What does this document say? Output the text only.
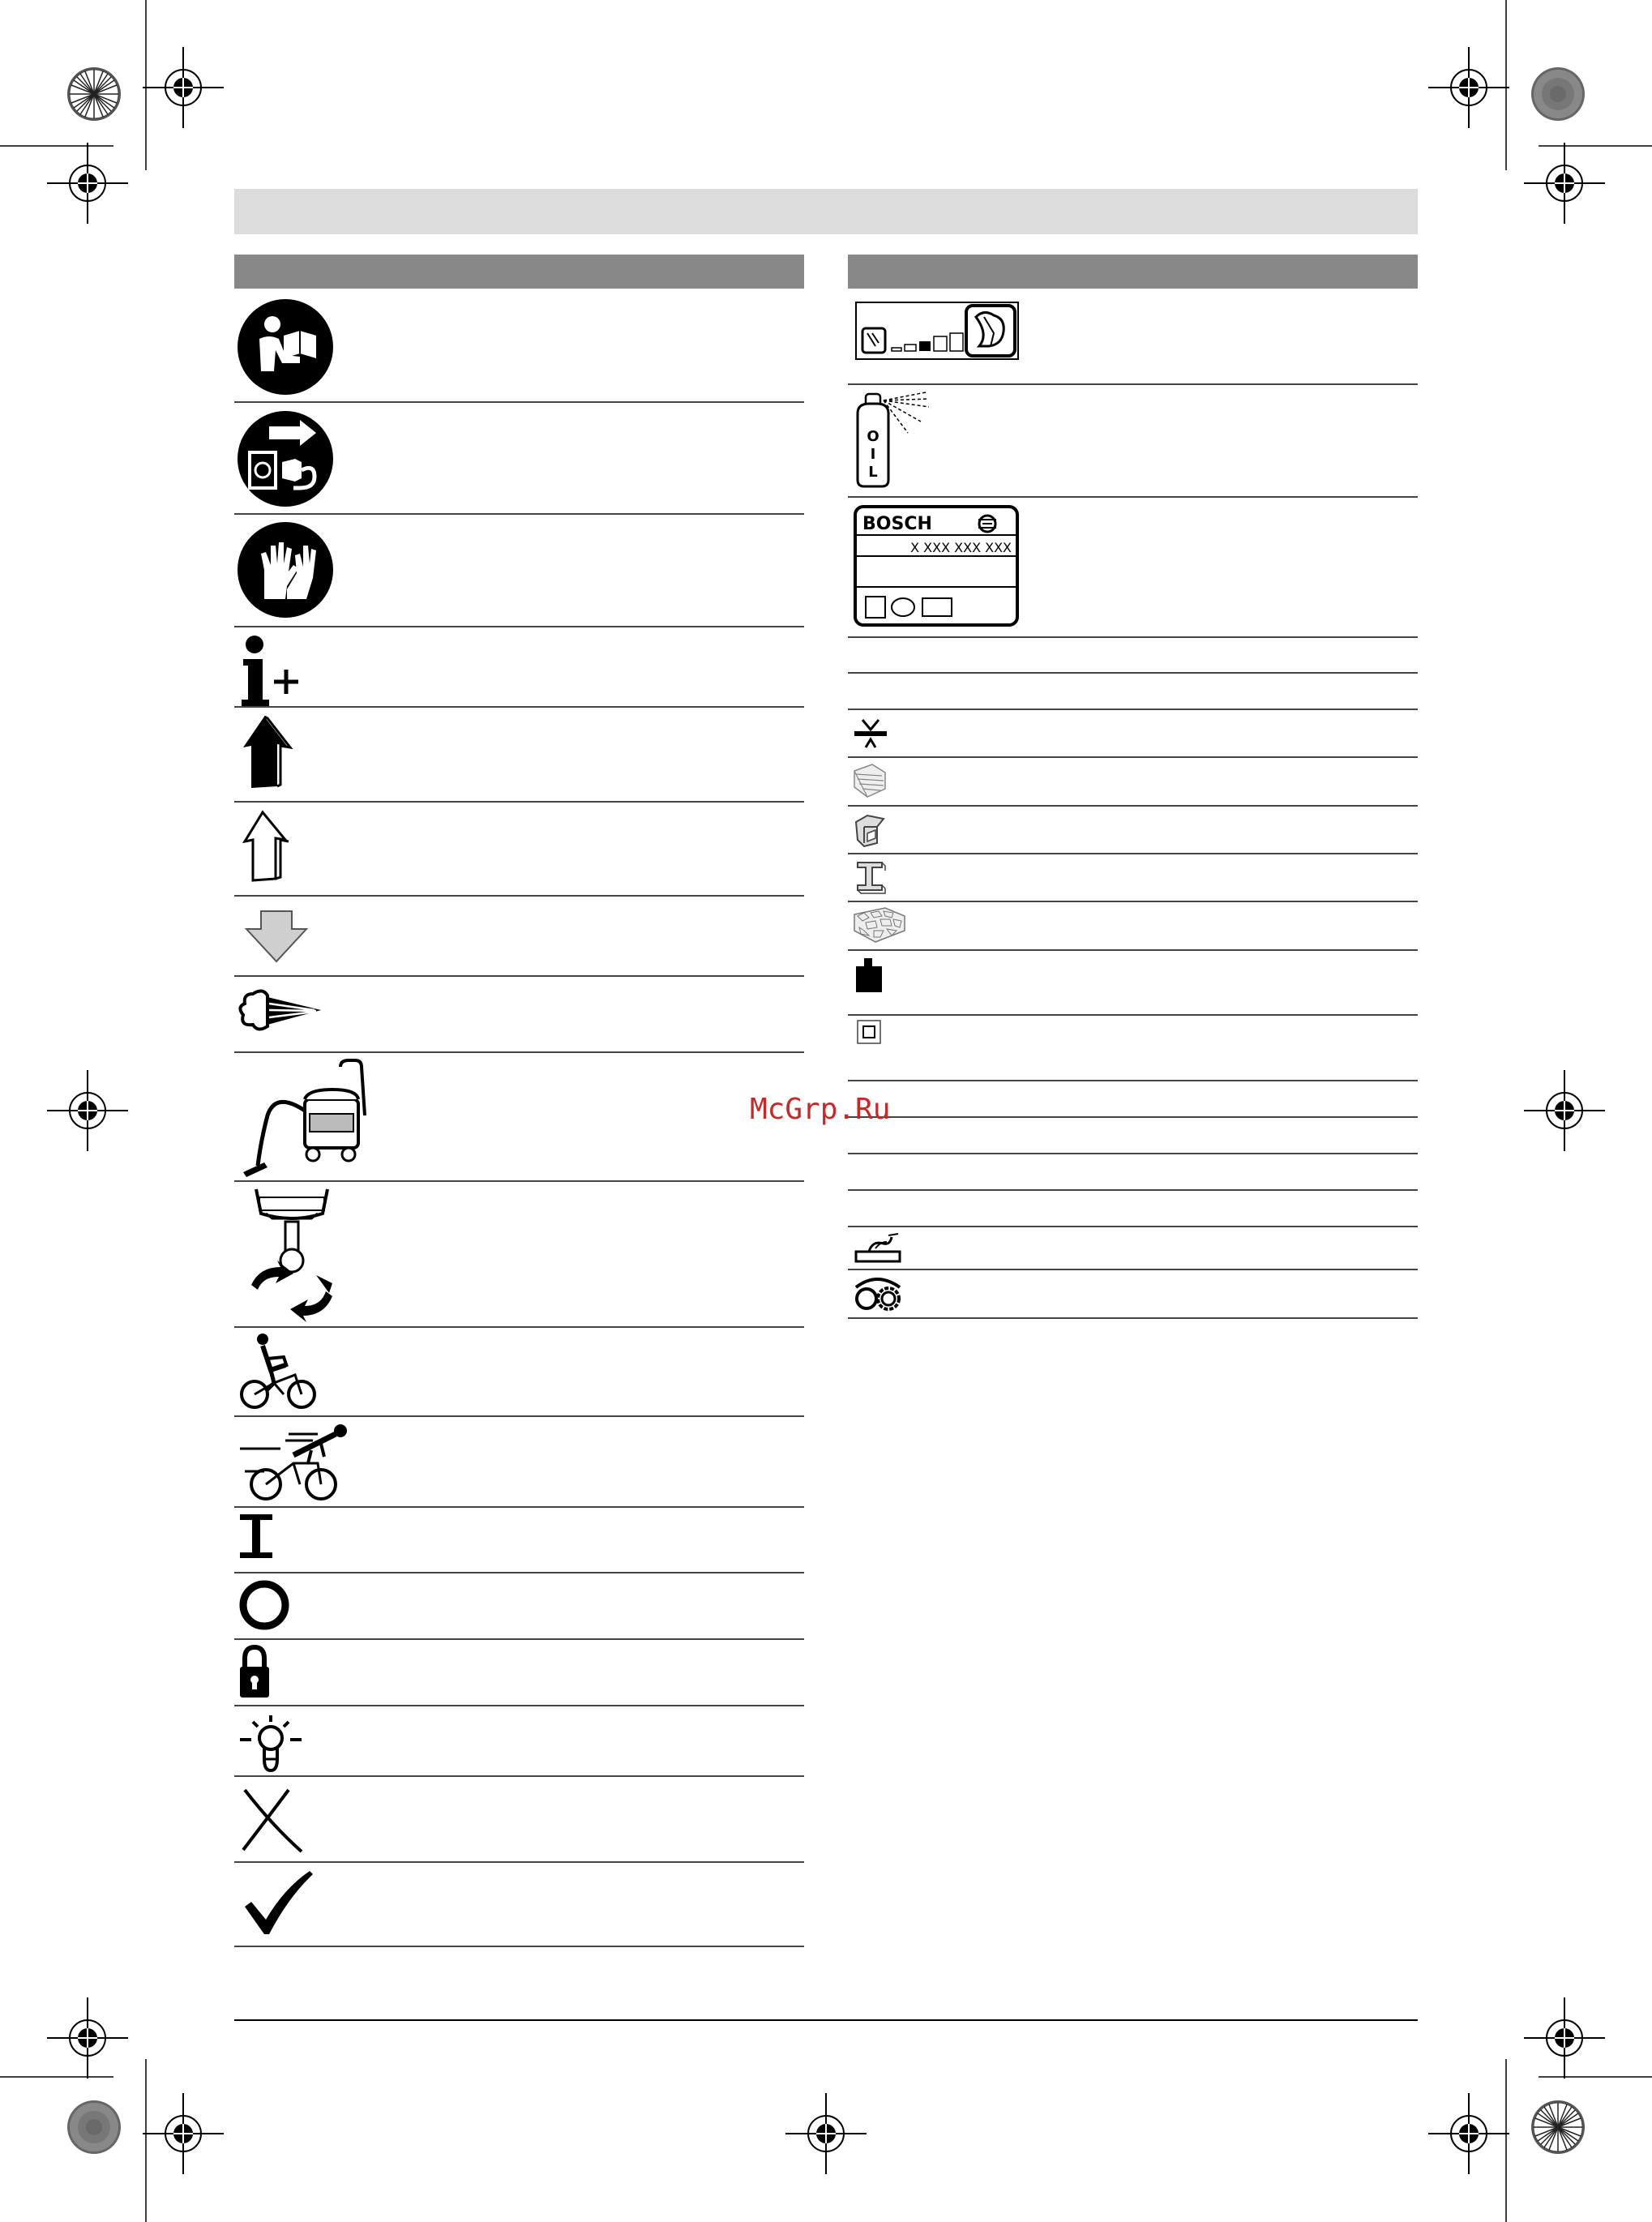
O
I
L
BOSCH
X XXX XXX XXX
McGrp.Ru
